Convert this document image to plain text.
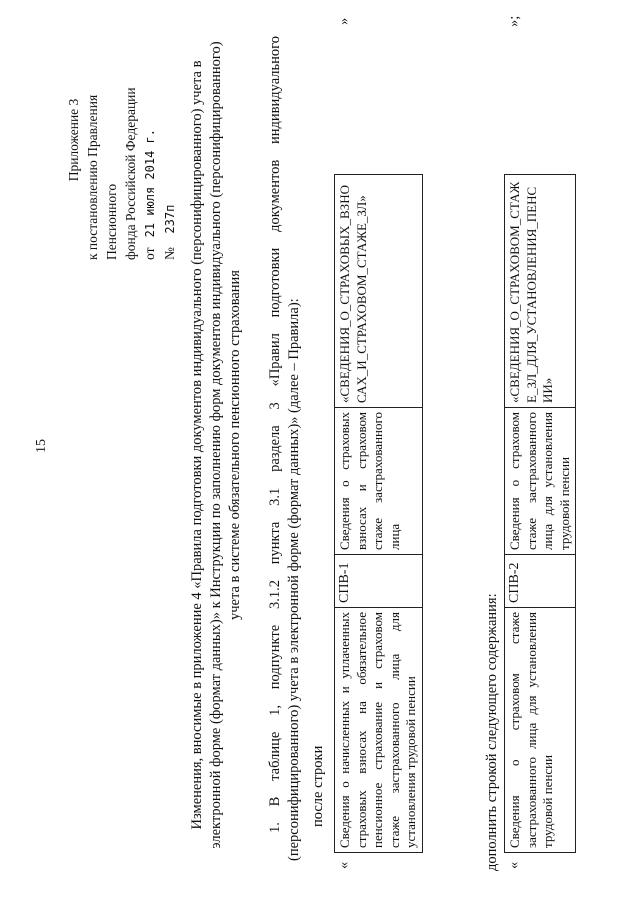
15
Приложение 3 к постановлению Правления Пенсионного фонда Российской Федерации от   21 июля 2014 г.
№    237п Изменения, вносимые в приложение 4 «Правила подготовки документов индивидуального (персонифицированного) учета в электронной форме (формат данных)» к Инструкции по заполнению форм документов индивидуального (персонифицированного) учета в системе обязательного пенсионного страхования 1. В таблице 1, подпункте 3.1.2 пункта 3.1 раздела 3 «Правил подготовки документов индивидуального (персонифицированного) учета в электронной форме (формат данных)» (далее – Правила): после строки
«
Сведения о начисленных и уплаченных страховых взносах на обязательное пенсионное страхование и страховом стаже застрахованного лица для установления трудовой пенсии	СПВ-1	Сведения о страховых взносах и страховом стаже застрахованного лица	«СВЕДЕНИЯ_О_СТРАХОВЫХ_ВЗНОСАХ_И_СТРАХОВОМ_СТАЖЕ_ЗЛ»
»
дополнить строкой следующего содержания: «
Сведения о страховом стаже застрахованного лица для установления трудовой пенсии	СПВ-2	Сведения о страховом стаже застрахованного лица для установления трудовой пенсии	«СВЕДЕНИЯ_О_СТРАХОВОМ_СТАЖЕ_ЗЛ_ДЛЯ_УСТАНОВЛЕНИЯ_ПЕНСИИ»
»;
